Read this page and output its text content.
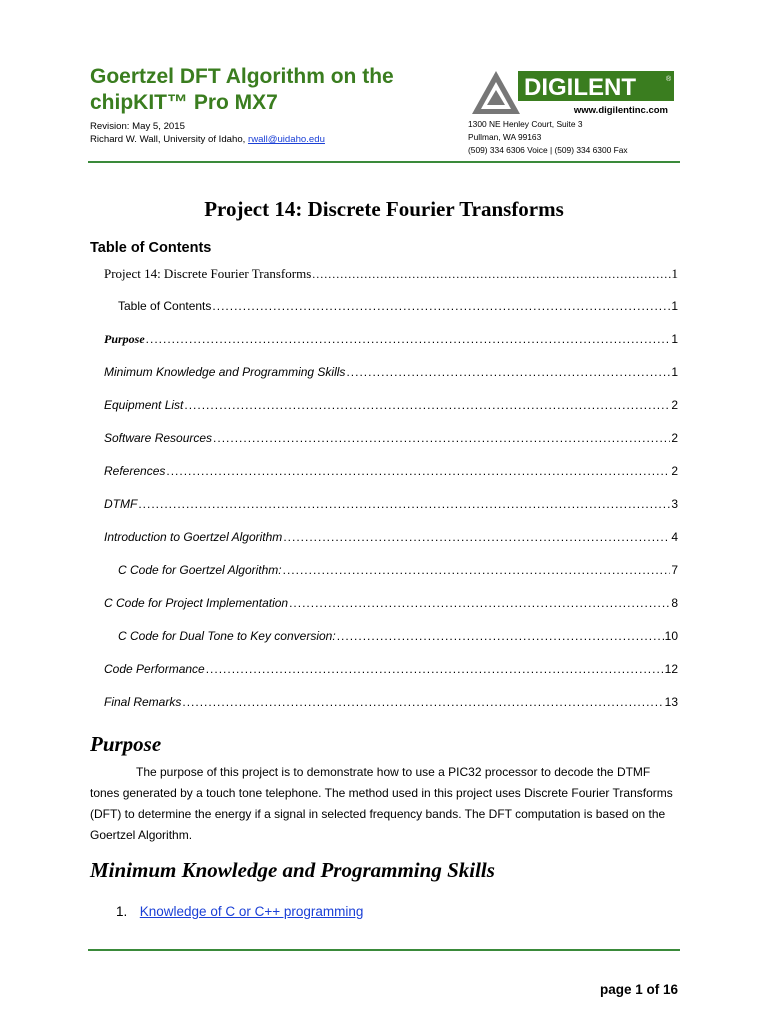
Goertzel DFT Algorithm on the
chipKIT™ Pro MX7
Revision: May 5, 2015
Richard W. Wall, University of Idaho, rwall@uidaho.edu
DIGILENT	®
www.digilentinc.com
1300 NE Henley Court, Suite 3
Pullman, WA 99163
(509) 334 6306 Voice | (509) 334 6300 Fax
Project 14: Discrete Fourier Transforms
Table of Contents
Project 14: Discrete Fourier Transforms .....	1
Table of Contents .....	1
Purpose .....	1
Minimum Knowledge and Programming Skills .....	1
Equipment List .....	2
Software Resources .....	2
References .....	2
DTMF .....	3
Introduction to Goertzel Algorithm .....	4
C Code for Goertzel Algorithm: .....	7
C Code for Project Implementation .....	8
C Code for Dual Tone to Key conversion: .....	10
Code Performance .....	12
Final Remarks .....	13
Purpose
The purpose of this project is to demonstrate how to use a PIC32 processor to decode the DTMF tones generated by a touch tone telephone. The method used in this project uses Discrete Fourier Transforms (DFT) to determine the energy if a signal in selected frequency bands. The DFT computation is based on the Goertzel Algorithm.
Minimum Knowledge and Programming Skills
1. Knowledge of C or C++ programming
page 1 of 16
